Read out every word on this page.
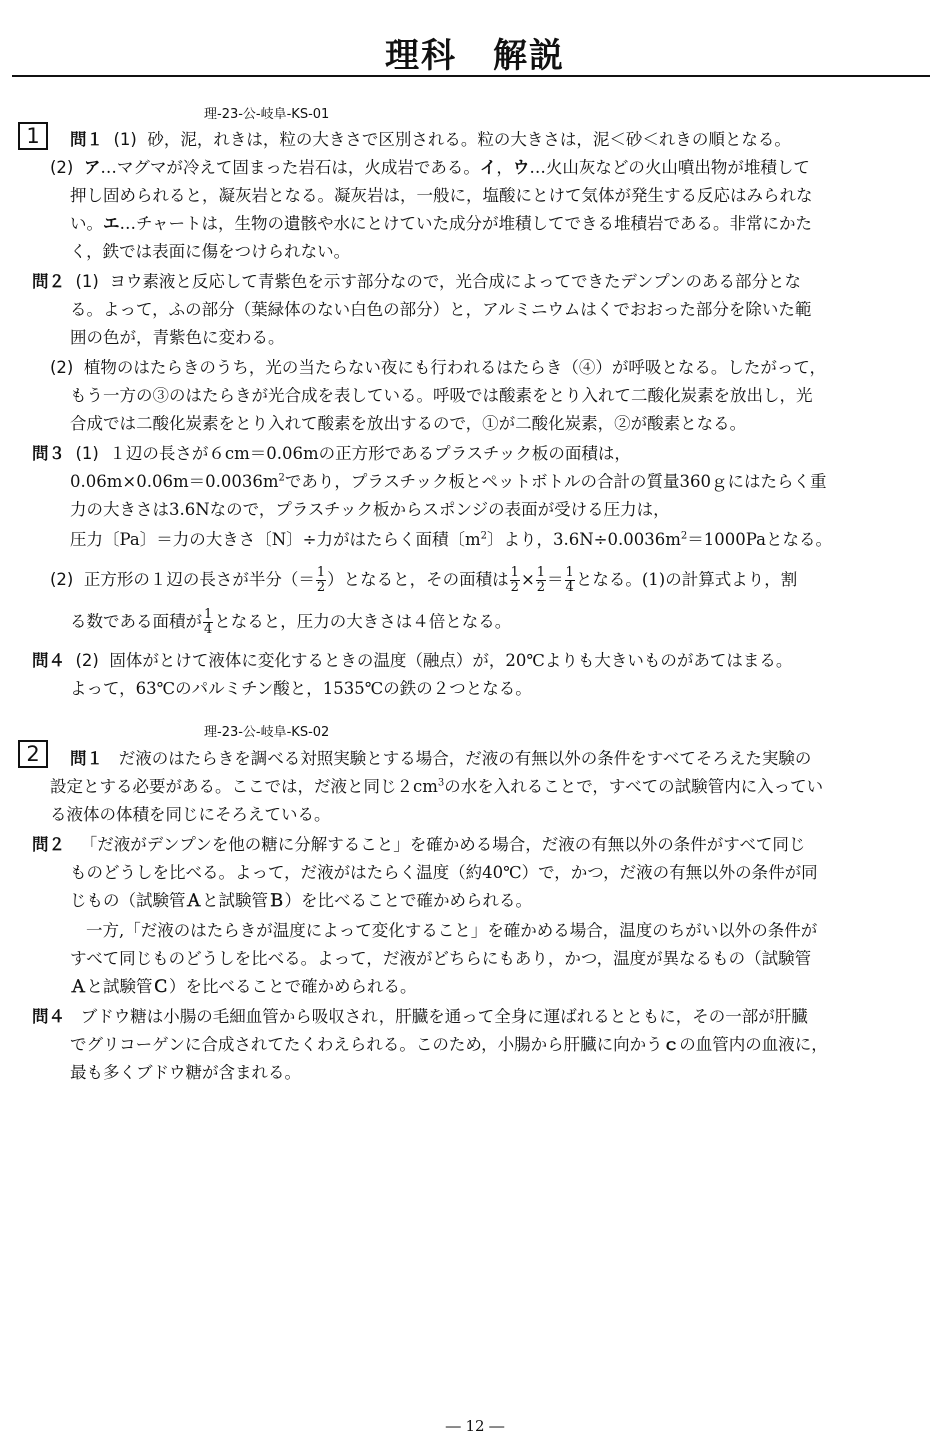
理科 解説
理-23-公-岐阜-KS-01
1	問１ (1) 砂，泥，れきは，粒の大きさで区別される。粒の大きさは，泥＜砂＜れきの順となる。
(2) ア…マグマが冷えて固まった岩石は，火成岩である。イ，ウ…火山灰などの火山噴出物が堆積して
押し固められると，凝灰岩となる。凝灰岩は，一般に，塩酸にとけて気体が発生する反応はみられな
い。エ…チャートは，生物の遺骸や水にとけていた成分が堆積してできる堆積岩である。非常にかた
く，鉄では表面に傷をつけられない。
問２ (1) ヨウ素液と反応して青紫色を示す部分なので，光合成によってできたデンプンのある部分とな
る。よって，ふの部分（葉緑体のない白色の部分）と，アルミニウムはくでおおった部分を除いた範
囲の色が，青紫色に変わる。
(2) 植物のはたらきのうち，光の当たらない夜にも行われるはたらき（④）が呼吸となる。したがって，
もう一方の③のはたらきが光合成を表している。呼吸では酸素をとり入れて二酸化炭素を放出し，光
合成では二酸化炭素をとり入れて酸素を放出するので，①が二酸化炭素，②が酸素となる。
問３ (1) １辺の長さが６cm＝0.06mの正方形であるプラスチック板の面積は，
$0.06m\times 0.06m=0.0036m^2$であり，プラスチック板とペットボトルの合計の質量360ｇにはたらく重
力の大きさは3.6Nなので，プラスチック板からスポンジの表面が受ける圧力は，
圧力〔Pa〕＝力の大きさ〔N〕÷力がはたらく面積〔$m^2$〕より，$3.6N\div 0.0036m^2=1000Pa$となる。
(2) 正方形の１辺の長さが半分（＝ $\frac{1}{2}$ ）となると，その面積は $\frac{1}{2} \times \frac{1}{2} = \frac{1}{4}$ となる。(1)の計算式より，割
る数である面積が $\frac{1}{4}$ となると，圧力の大きさは４倍となる。
問４ (2) 固体がとけて液体に変化するときの温度（融点）が，20℃よりも大きいものがあてはまる。
よって，63℃のパルミチン酸と，1535℃の鉄の２つとなる。
理-23-公-岐阜-KS-02
2	問１ だ液のはたらきを調べる対照実験とする場合，だ液の有無以外の条件をすべてそろえた実験の
設定とする必要がある。ここでは，だ液と同じ$2cm^3$の水を入れることで，すべての試験管内に入ってい
る液体の体積を同じにそろえている。
問２ 「だ液がデンプンを他の糖に分解すること」を確かめる場合，だ液の有無以外の条件がすべて同じ
ものどうしを比べる。よって，だ液がはたらく温度（約40℃）で，かつ，だ液の有無以外の条件が同
じもの（試験管Ａと試験管Ｂ）を比べることで確かめられる。
一方,「だ液のはたらきが温度によって変化すること」を確かめる場合，温度のちがい以外の条件が
すべて同じものどうしを比べる。よって，だ液がどちらにもあり，かつ，温度が異なるもの（試験管
Ａと試験管Ｃ）を比べることで確かめられる。
問４ ブドウ糖は小腸の毛細血管から吸収され，肝臓を通って全身に運ばれるとともに，その一部が肝臓
でグリコーゲンに合成されてたくわえられる。このため，小腸から肝臓に向かうｃの血管内の血液に，
最も多くブドウ糖が含まれる。
― 12 ―
